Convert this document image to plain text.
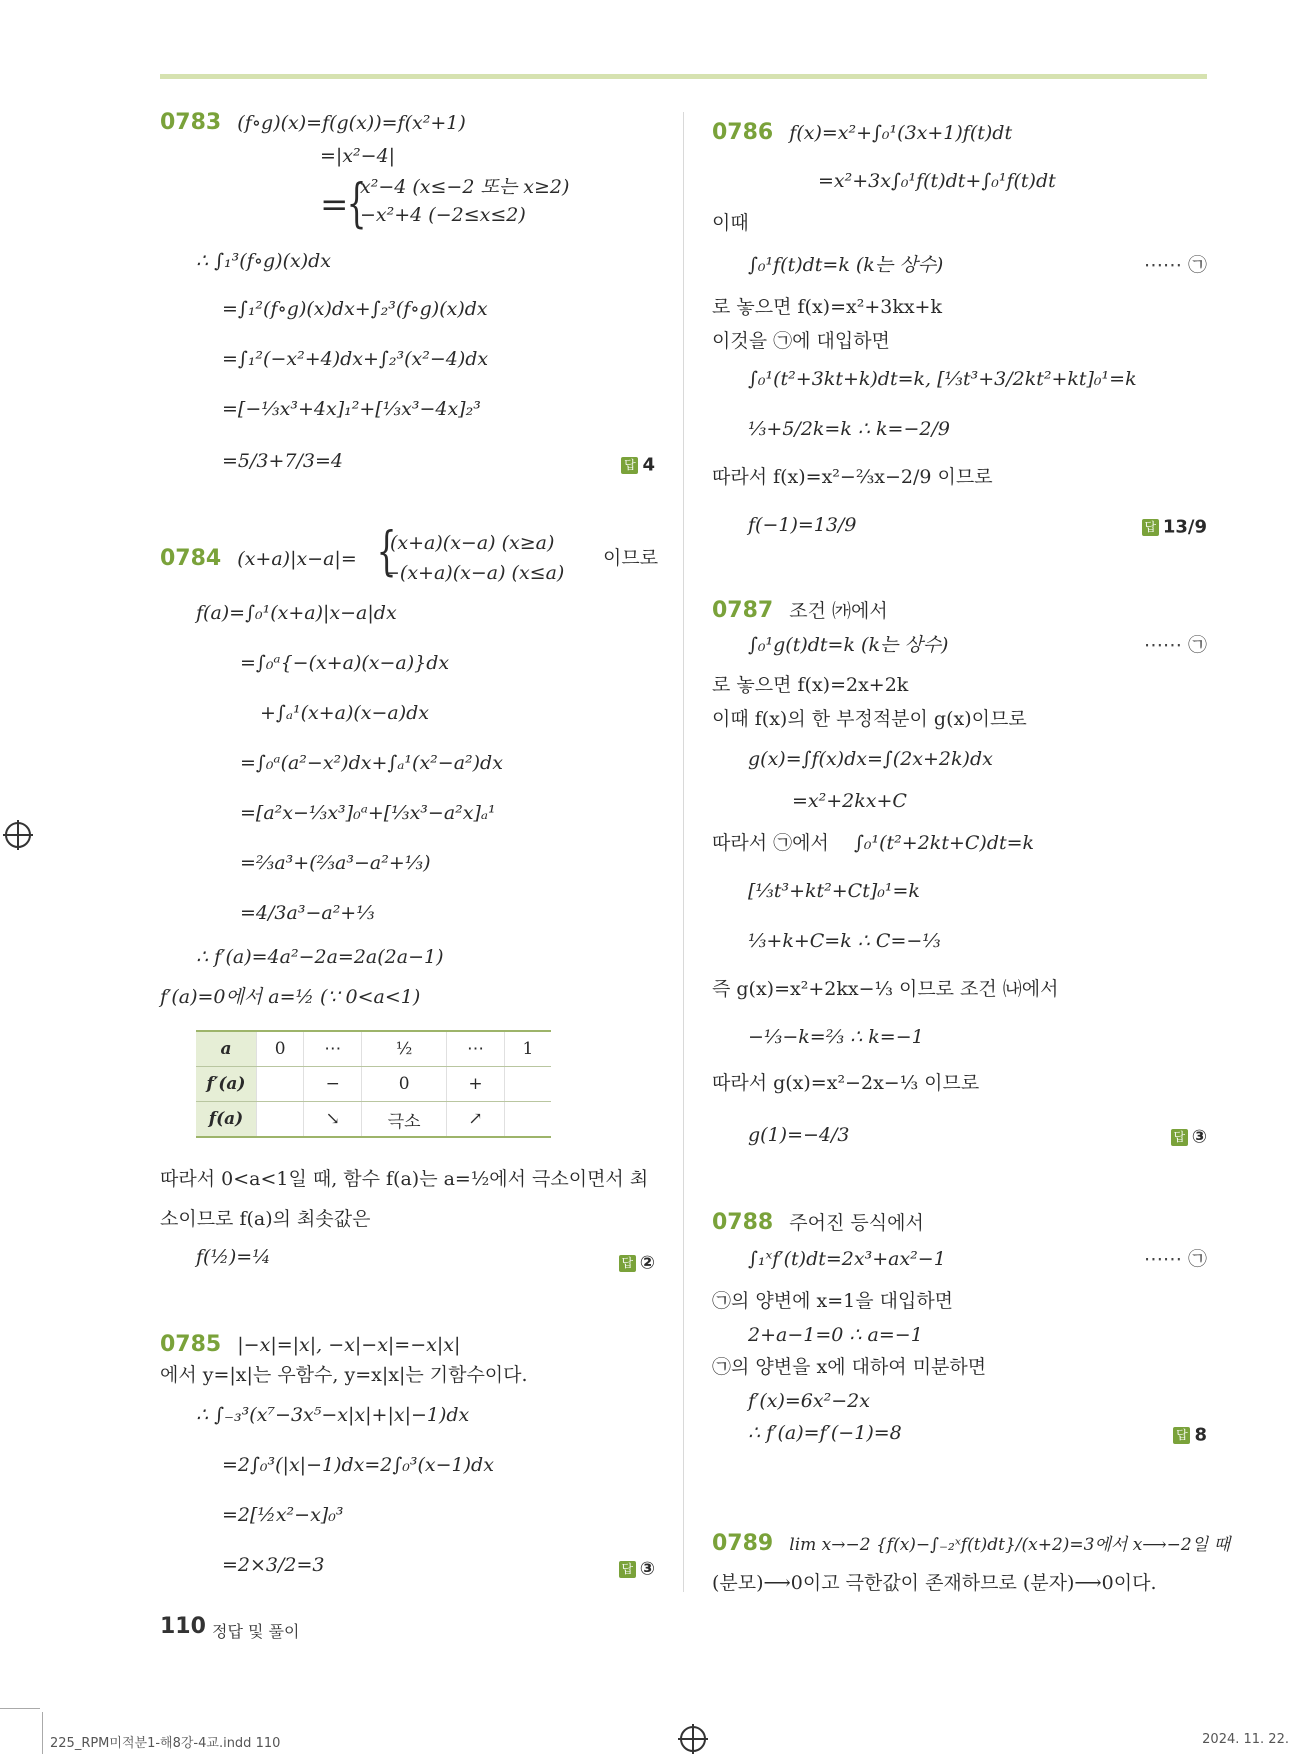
0783 (f∘g)(x)=f(g(x))=f(x²+1)
=|x²−4|
=
{
x²−4 (x≤−2 또는 x≥2)
−x²+4 (−2≤x≤2)
∴ ∫₁³(f∘g)(x)dx
=∫₁²(f∘g)(x)dx+∫₂³(f∘g)(x)dx
=∫₁²(−x²+4)dx+∫₂³(x²−4)dx
=[−⅓x³+4x]₁²+[⅓x³−4x]₂³
=5/3+7/3=4	답 4
0784 (x+a)|x−a|= {
(x+a)(x−a) (x≥a)
−(x+a)(x−a) (x≤a)
이므로
f(a)=∫₀¹(x+a)|x−a|dx
=∫₀ᵃ{−(x+a)(x−a)}dx
+∫ₐ¹(x+a)(x−a)dx
=∫₀ᵃ(a²−x²)dx+∫ₐ¹(x²−a²)dx
=[a²x−⅓x³]₀ᵃ+[⅓x³−a²x]ₐ¹
=⅔a³+(⅔a³−a²+⅓)
=4/3a³−a²+⅓
∴ f′(a)=4a²−2a=2a(2a−1)
f′(a)=0에서 a=½ (∵ 0<a<1)
a	0	⋯	½	⋯	1
f′(a)		−	0	+	
f(a)		↘	극소	↗	
따라서 0<a<1일 때, 함수 f(a)는 a=½에서 극소이면서 최
소이므로 f(a)의 최솟값은
f(½)=¼	답 ②
0785 |−x|=|x|, −x|−x|=−x|x|
에서 y=|x|는 우함수, y=x|x|는 기함수이다.
∴ ∫₋₃³(x⁷−3x⁵−x|x|+|x|−1)dx
=2∫₀³(|x|−1)dx=2∫₀³(x−1)dx
=2[½x²−x]₀³
=2×3/2=3	답 ③
0786 f(x)=x²+∫₀¹(3x+1)f(t)dt
=x²+3x∫₀¹f(t)dt+∫₀¹f(t)dt
이때
∫₀¹f(t)dt=k (k는 상수)	⋯⋯ ㉠
로 놓으면 f(x)=x²+3kx+k
이것을 ㉠에 대입하면
∫₀¹(t²+3kt+k)dt=k, [⅓t³+3/2kt²+kt]₀¹=k
⅓+5/2k=k ∴ k=−2/9
따라서 f(x)=x²−⅔x−2/9 이므로
f(−1)=13/9	답 13/9
0787 조건 ㈎에서
∫₀¹g(t)dt=k (k는 상수)	⋯⋯ ㉠
로 놓으면 f(x)=2x+2k
이때 f(x)의 한 부정적분이 g(x)이므로
g(x)=∫f(x)dx=∫(2x+2k)dx
=x²+2kx+C
따라서 ㉠에서 ∫₀¹(t²+2kt+C)dt=k
[⅓t³+kt²+Ct]₀¹=k
⅓+k+C=k ∴ C=−⅓
즉 g(x)=x²+2kx−⅓ 이므로 조건 ㈏에서
−⅓−k=⅔ ∴ k=−1
따라서 g(x)=x²−2x−⅓ 이므로
g(1)=−4/3	답 ③
0788 주어진 등식에서
∫₁ˣf′(t)dt=2x³+ax²−1	⋯⋯ ㉠
㉠의 양변에 x=1을 대입하면
2+a−1=0 ∴ a=−1
㉠의 양변을 x에 대하여 미분하면
f′(x)=6x²−2x
∴ f′(a)=f′(−1)=8	답 8
0789 lim x→−2 {f(x)−∫₋₂ˣf(t)dt}/(x+2)=3에서 x⟶−2일 때
(분모)⟶0이고 극한값이 존재하므로 (분자)⟶0이다.
110 정답 및 풀이
225_RPM미적분1-해8강-4교.indd 110	2024. 11. 22.
